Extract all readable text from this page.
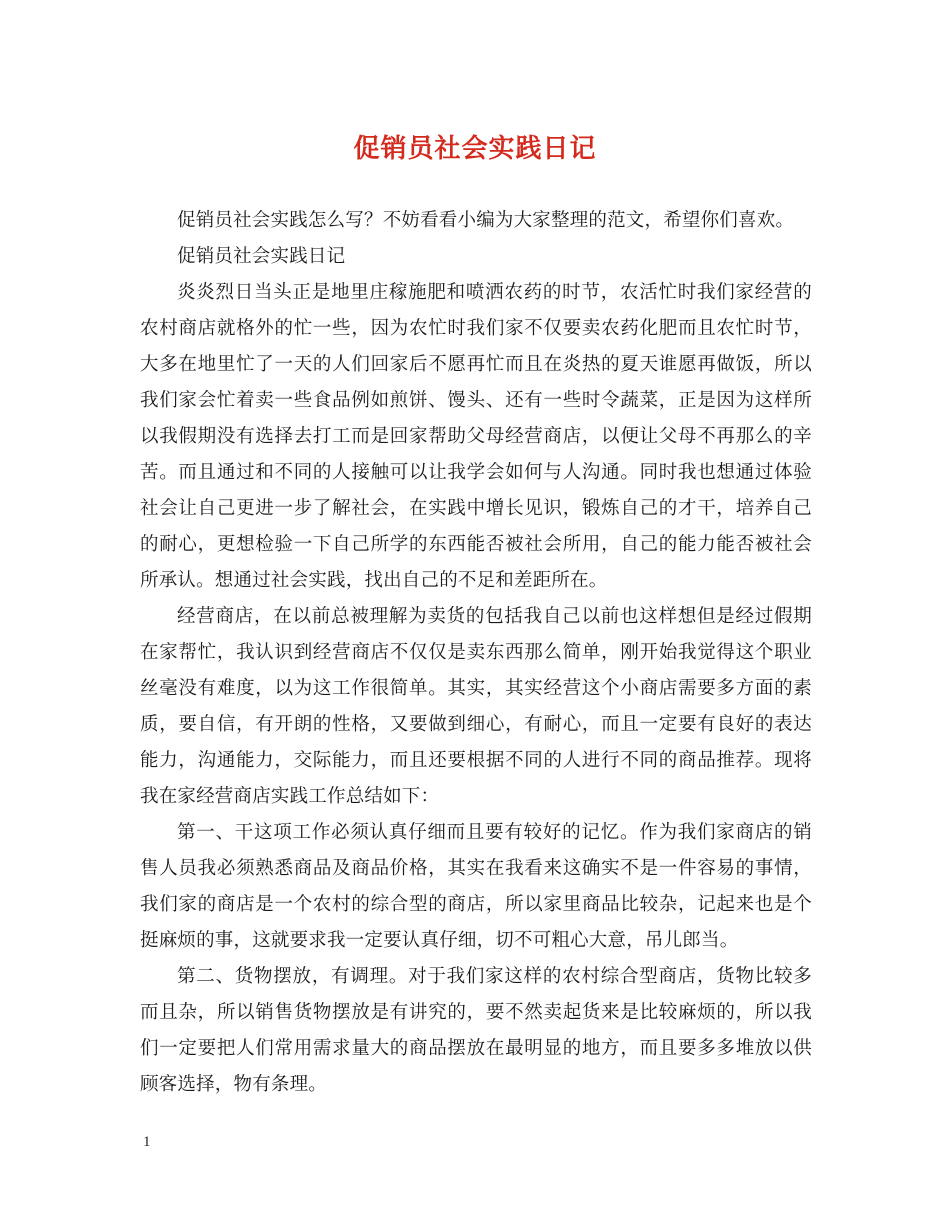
促销员社会实践日记

促销员社会实践怎么写？不妨看看小编为大家整理的范文，希望你们喜欢。

促销员社会实践日记

炎炎烈日当头正是地里庄稼施肥和喷洒农药的时节，农活忙时我们家经营的农村商店就格外的忙一些，因为农忙时我们家不仅要卖农药化肥而且农忙时节，大多在地里忙了一天的人们回家后不愿再忙而且在炎热的夏天谁愿再做饭，所以我们家会忙着卖一些食品例如煎饼、馒头、还有一些时令蔬菜，正是因为这样所以我假期没有选择去打工而是回家帮助父母经营商店，以便让父母不再那么的辛苦。而且通过和不同的人接触可以让我学会如何与人沟通。同时我也想通过体验社会让自己更进一步了解社会，在实践中增长见识，锻炼自己的才干，培养自己的耐心，更想检验一下自己所学的东西能否被社会所用，自己的能力能否被社会所承认。想通过社会实践，找出自己的不足和差距所在。

经营商店，在以前总被理解为卖货的包括我自己以前也这样想但是经过假期在家帮忙，我认识到经营商店不仅仅是卖东西那么简单，刚开始我觉得这个职业丝毫没有难度，以为这工作很简单。其实，其实经营这个小商店需要多方面的素质，要自信，有开朗的性格，又要做到细心，有耐心，而且一定要有良好的表达能力，沟通能力，交际能力，而且还要根据不同的人进行不同的商品推荐。现将我在家经营商店实践工作总结如下：

第一、干这项工作必须认真仔细而且要有较好的记忆。作为我们家商店的销售人员我必须熟悉商品及商品价格，其实在我看来这确实不是一件容易的事情，我们家的商店是一个农村的综合型的商店，所以家里商品比较杂，记起来也是个挺麻烦的事，这就要求我一定要认真仔细，切不可粗心大意，吊儿郎当。

第二、货物摆放，有调理。对于我们家这样的农村综合型商店，货物比较多而且杂，所以销售货物摆放是有讲究的，要不然卖起货来是比较麻烦的，所以我们一定要把人们常用需求量大的商品摆放在最明显的地方，而且要多多堆放以供顾客选择，物有条理。

1
